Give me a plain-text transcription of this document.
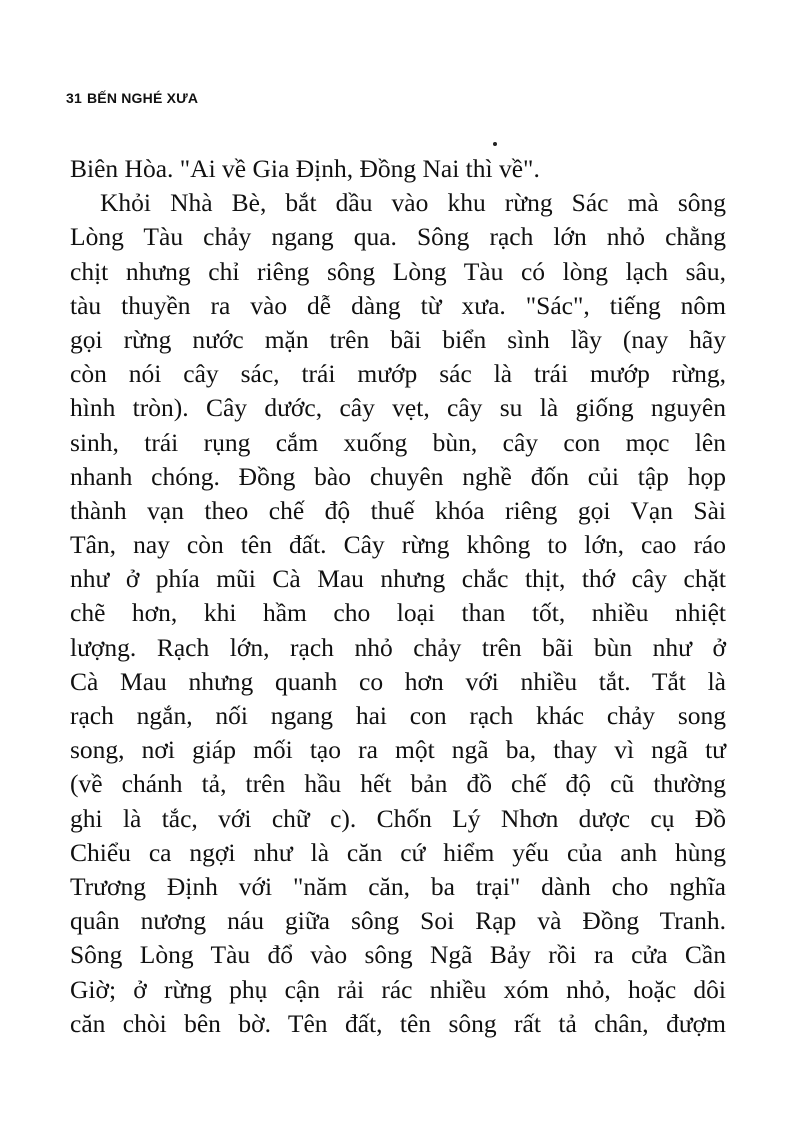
31 BẾN NGHÉ XƯA
Biên Hòa. "Ai về Gia Định, Đồng Nai thì về".
Khỏi Nhà Bè, bắt dầu vào khu rừng Sác mà sông
Lòng Tàu chảy ngang qua. Sông rạch lớn nhỏ chằng
chịt nhưng chỉ riêng sông Lòng Tàu có lòng lạch sâu,
tàu thuyền ra vào dễ dàng từ xưa. "Sác", tiếng nôm
gọi rừng nước mặn trên bãi biển sình lầy (nay hãy
còn nói cây sác, trái mướp sác là trái mướp rừng,
hình tròn). Cây dước, cây vẹt, cây su là giống nguyên
sinh, trái rụng cắm xuống bùn, cây con mọc lên
nhanh chóng. Đồng bào chuyên nghề đốn củi tập họp
thành vạn theo chế độ thuế khóa riêng gọi Vạn Sài
Tân, nay còn tên đất. Cây rừng không to lớn, cao ráo
như ở phía mũi Cà Mau nhưng chắc thịt, thớ cây chặt
chẽ hơn, khi hầm cho loại than tốt, nhiều nhiệt
lượng. Rạch lớn, rạch nhỏ chảy trên bãi bùn như ở
Cà Mau nhưng quanh co hơn với nhiều tắt. Tắt là
rạch ngắn, nối ngang hai con rạch khác chảy song
song, nơi giáp mối tạo ra một ngã ba, thay vì ngã tư
(về chánh tả, trên hầu hết bản đồ chế độ cũ thường
ghi là tắc, với chữ c). Chốn Lý Nhơn dược cụ Đồ
Chiểu ca ngợi như là căn cứ hiểm yếu của anh hùng
Trương Định với "năm căn, ba trại" dành cho nghĩa
quân nương náu giữa sông Soi Rạp và Đồng Tranh.
Sông Lòng Tàu đổ vào sông Ngã Bảy rồi ra cửa Cần
Giờ; ở rừng phụ cận rải rác nhiều xóm nhỏ, hoặc dôi
căn chòi bên bờ. Tên đất, tên sông rất tả chân, đượm
